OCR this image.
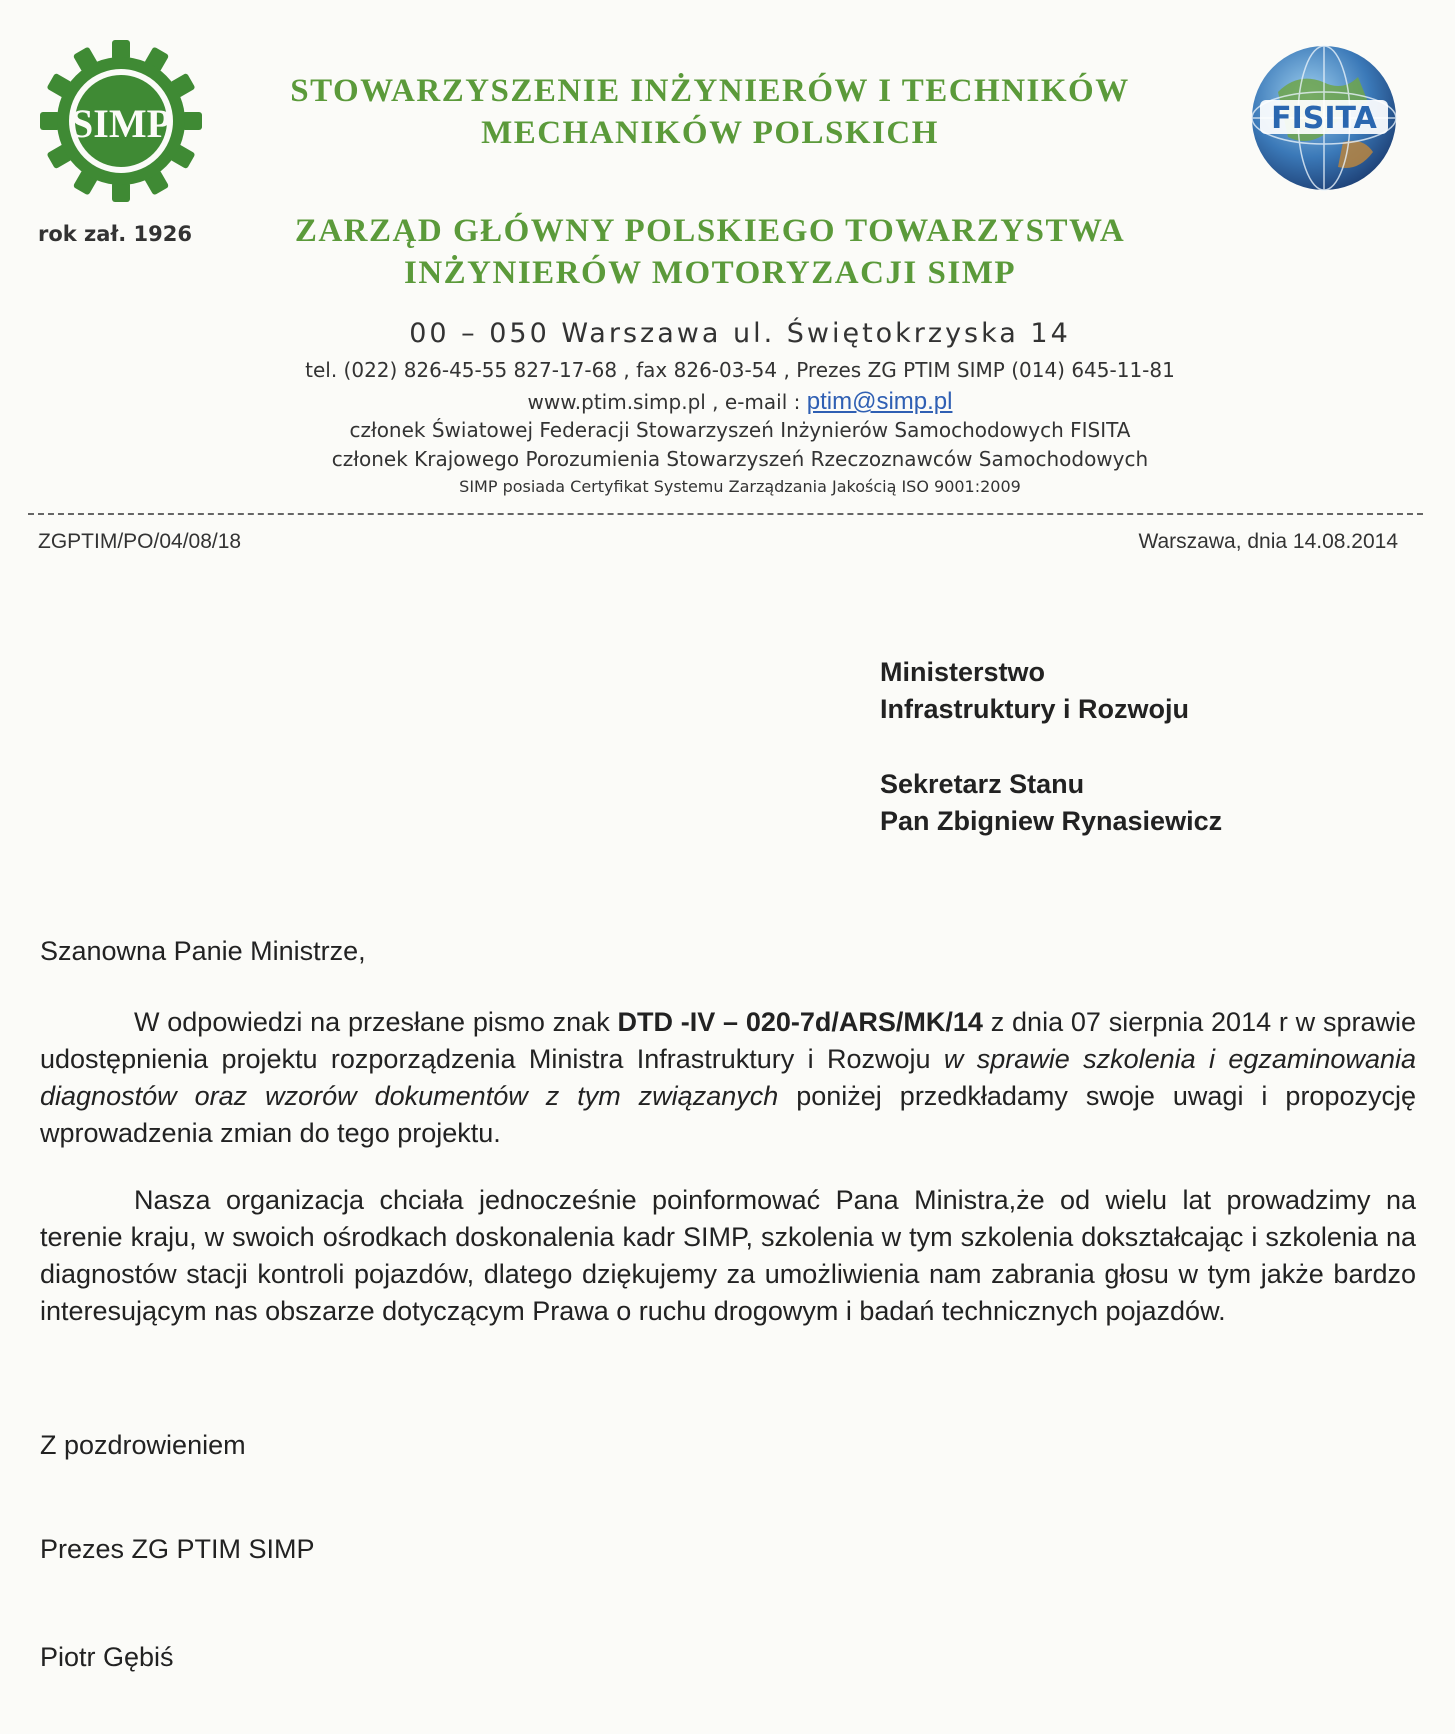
SIMP	FISITA
rok zał. 1926
STOWARZYSZENIE INŻYNIERÓW I TECHNIKÓW
MECHANIKÓW POLSKICH
ZARZĄD GŁÓWNY POLSKIEGO TOWARZYSTWA
INŻYNIERÓW MOTORYZACJI SIMP
00 – 050 Warszawa ul. Świętokrzyska 14
tel. (022) 826-45-55 827-17-68 , fax 826-03-54 , Prezes ZG PTIM SIMP (014) 645-11-81
www.ptim.simp.pl , e-mail : ptim@simp.pl
członek Światowej Federacji Stowarzyszeń Inżynierów Samochodowych FISITA
członek Krajowego Porozumienia Stowarzyszeń Rzeczoznawców Samochodowych
SIMP posiada Certyfikat Systemu Zarządzania Jakością ISO 9001:2009
ZGPTIM/PO/04/08/18	Warszawa, dnia 14.08.2014
Ministerstwo
Infrastruktury i Rozwoju
Sekretarz Stanu
Pan Zbigniew Rynasiewicz
Szanowna Panie Ministrze,
W odpowiedzi na przesłane pismo znak DTD -IV – 020-7d/ARS/MK/14 z dnia 07 sierpnia 2014 r w sprawie udostępnienia projektu rozporządzenia Ministra Infrastruktury i Rozwoju w sprawie szkolenia i egzaminowania diagnostów oraz wzorów dokumentów z tym związanych poniżej przedkładamy swoje uwagi i propozycję wprowadzenia zmian do tego projektu.
Nasza organizacja chciała jednocześnie poinformować Pana Ministra,że od wielu lat prowadzimy na terenie kraju, w swoich ośrodkach doskonalenia kadr SIMP, szkolenia w tym szkolenia dokształcając i szkolenia na diagnostów stacji kontroli pojazdów, dlatego dziękujemy za umożliwienia nam zabrania głosu w tym jakże bardzo interesującym nas obszarze dotyczącym Prawa o ruchu drogowym i badań technicznych pojazdów.
Z pozdrowieniem
Prezes ZG PTIM SIMP
Piotr Gębiś
